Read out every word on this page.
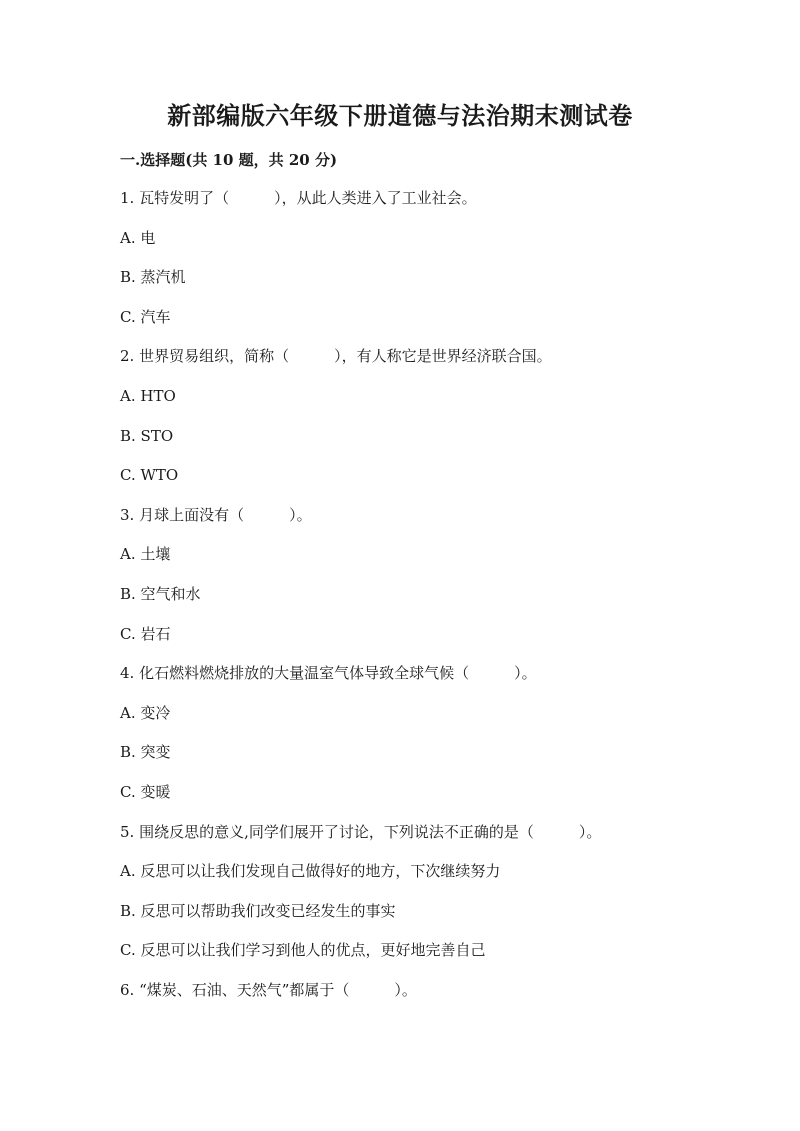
新部编版六年级下册道德与法治期末测试卷
一.选择题(共 10 题，共 20 分)
1. 瓦特发明了（　　　），从此人类进入了工业社会。
A. 电
B. 蒸汽机
C. 汽车
2. 世界贸易组织，简称（　　　），有人称它是世界经济联合国。
A. HTO
B. STO
C. WTO
3. 月球上面没有（　　　）。
A. 土壤
B. 空气和水
C. 岩石
4. 化石燃料燃烧排放的大量温室气体导致全球气候（　　　）。
A. 变冷
B. 突变
C. 变暖
5. 围绕反思的意义,同学们展开了讨论，下列说法不正确的是（　　　）。
A. 反思可以让我们发现自己做得好的地方，下次继续努力
B. 反思可以帮助我们改变已经发生的事实
C. 反思可以让我们学习到他人的优点，更好地完善自己
6. “煤炭、石油、天然气”都属于（　　　）。
